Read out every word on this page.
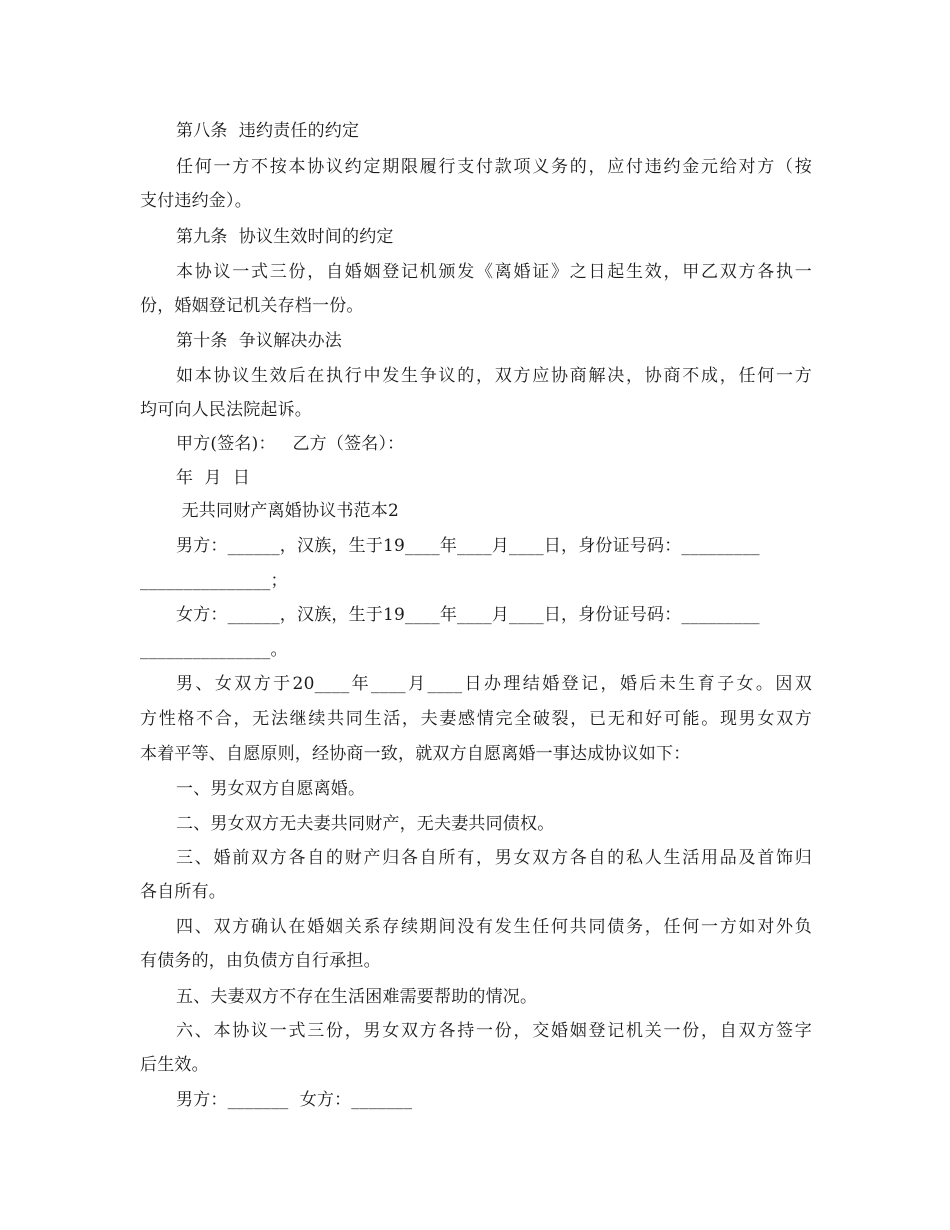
第八条  违约责任的约定
任何一方不按本协议约定期限履行支付款项义务的，应付违约金元给对方（按
支付违约金）。
第九条  协议生效时间的约定
本协议一式三份，自婚姻登记机颁发《离婚证》之日起生效，甲乙双方各执一
份，婚姻登记机关存档一份。
第十条  争议解决办法
如本协议生效后在执行中发生争议的，双方应协商解决，协商不成，任何一方
均可向人民法院起诉。
甲方(签名)：   乙方（签名）：
年  月  日
无共同财产离婚协议书范本2
男方：______，汉族，生于19____年____月____日，身份证号码：_________
_______________；
女方：______，汉族，生于19____年____月____日，身份证号码：_________
_______________。
男、女双方于20____年____月____日办理结婚登记，婚后未生育子女。因双
方性格不合，无法继续共同生活，夫妻感情完全破裂，已无和好可能。现男女双方
本着平等、自愿原则，经协商一致，就双方自愿离婚一事达成协议如下：
一、男女双方自愿离婚。
二、男女双方无夫妻共同财产，无夫妻共同债权。
三、婚前双方各自的财产归各自所有，男女双方各自的私人生活用品及首饰归
各自所有。
四、双方确认在婚姻关系存续期间没有发生任何共同债务，任何一方如对外负
有债务的，由负债方自行承担。
五、夫妻双方不存在生活困难需要帮助的情况。
六、本协议一式三份，男女双方各持一份，交婚姻登记机关一份，自双方签字
后生效。
男方：_______  女方：_______
